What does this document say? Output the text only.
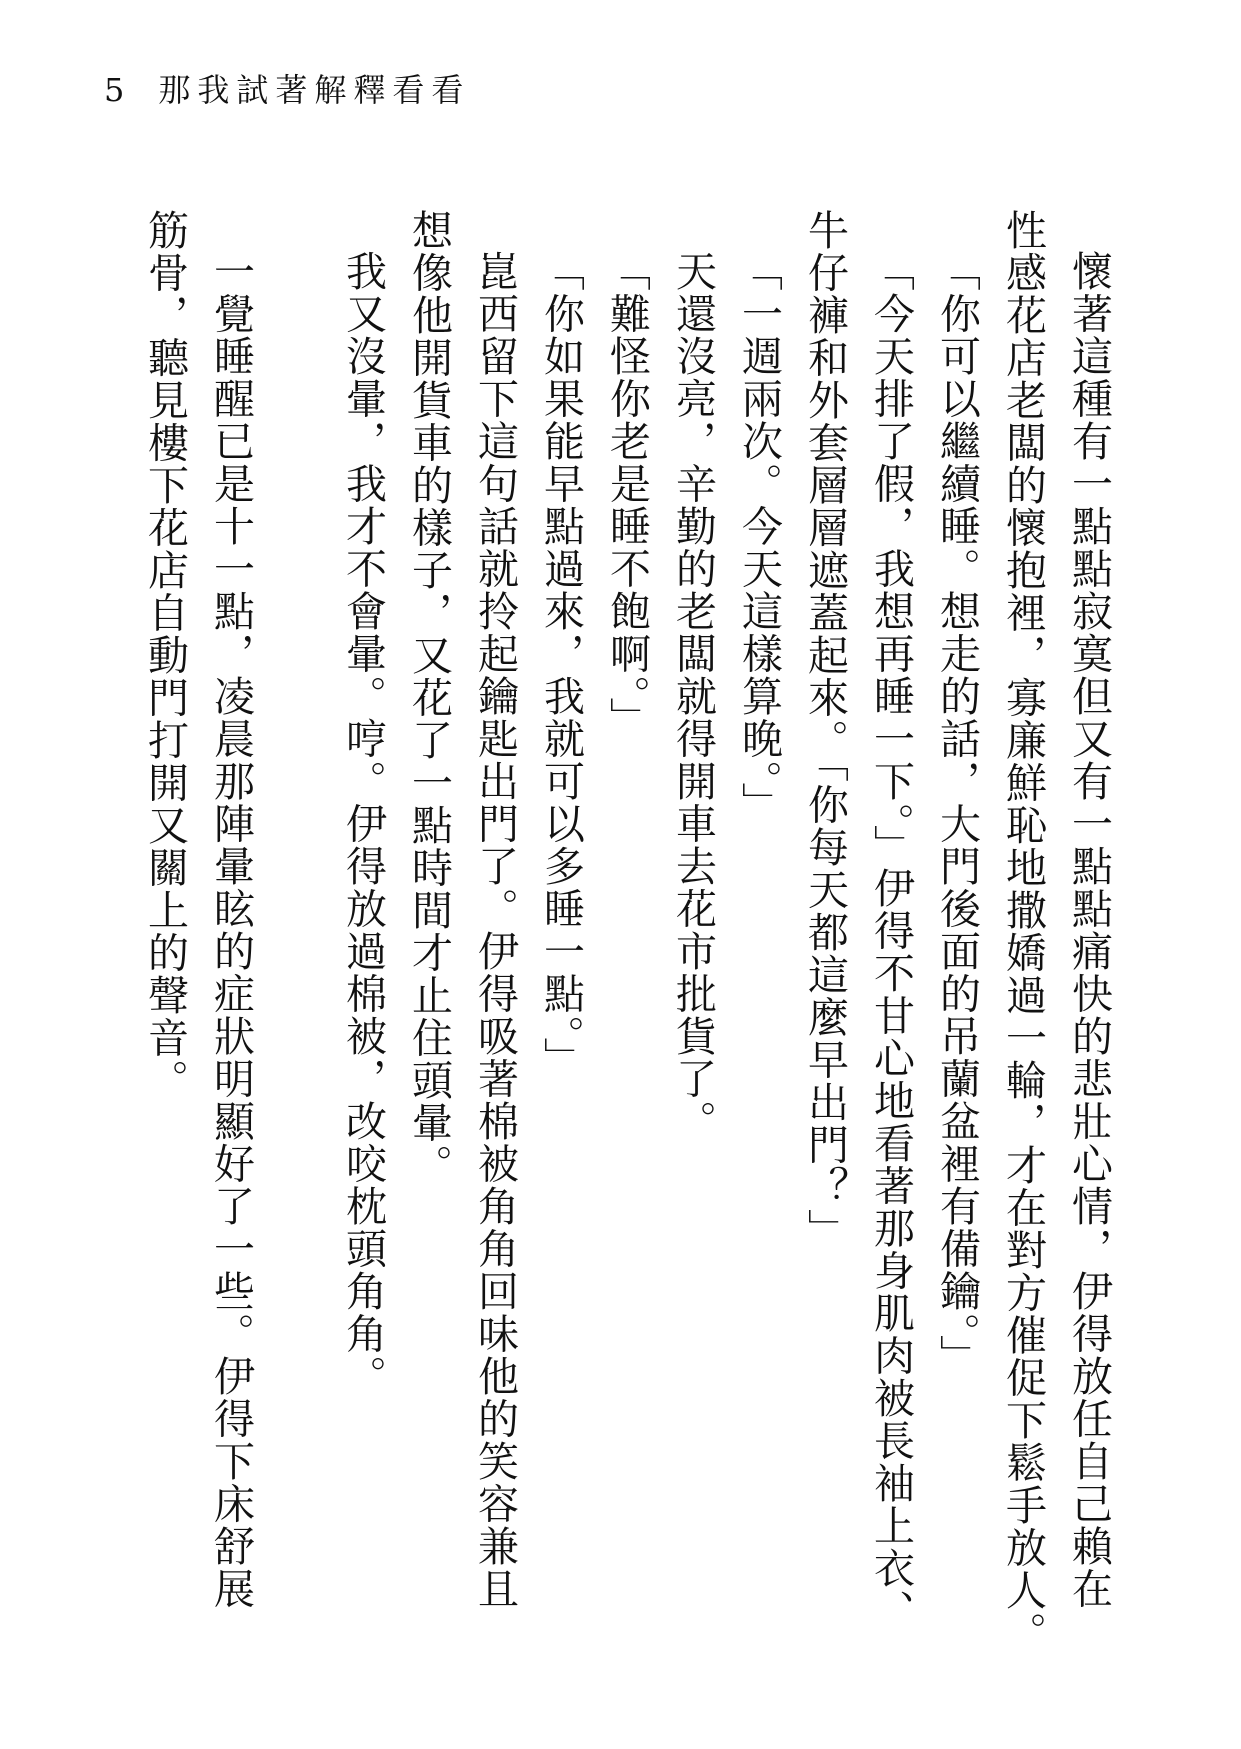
5 那我試著解釋看看
懷著這種有一點點寂寞但又有一點點痛快的悲壯心情，伊得放任自己賴在
性感花店老闆的懷抱裡，寡廉鮮恥地撒嬌過一輪，才在對方催促下鬆手放人。
「你可以繼續睡。想走的話，大門後面的吊蘭盆裡有備鑰。」
「今天排了假，我想再睡一下。」伊得不甘心地看著那身肌肉被長袖上衣、
牛仔褲和外套層層遮蓋起來。「你每天都這麼早出門？」
「一週兩次。今天這樣算晚。」
天還沒亮，辛勤的老闆就得開車去花市批貨了。
「難怪你老是睡不飽啊。」
「你如果能早點過來，我就可以多睡一點。」
崑西留下這句話就拎起鑰匙出門了。伊得吸著棉被角角回味他的笑容兼且
想像他開貨車的樣子，又花了一點時間才止住頭暈。
我又沒暈，我才不會暈。哼。伊得放過棉被，改咬枕頭角角。
一覺睡醒已是十一點，凌晨那陣暈眩的症狀明顯好了一些。伊得下床舒展
筋骨，聽見樓下花店自動門打開又關上的聲音。
